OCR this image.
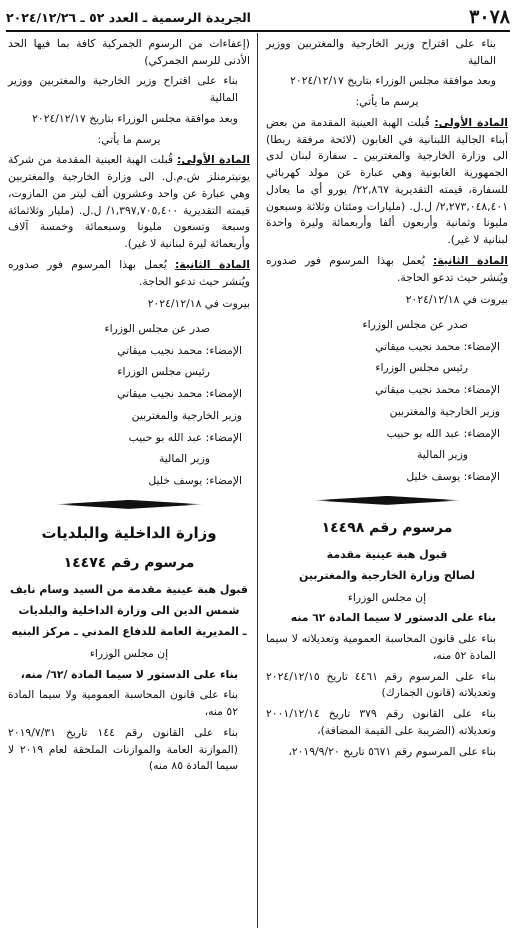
٣٠٧٨
الجريدة الرسمية ـ العدد ٥٢ ـ ٢٠٢٤/١٢/٢٦

بناء على اقتراح وزير الخارجية والمغتربين ووزير المالية

وبعد موافقة مجلس الوزراء بتاريخ ٢٠٢٤/١٢/١٧

يرسم ما يأتي:

المادة الأولى: قُبلت الهبة العينية المقدمة من بعض أبناء الجالية اللبنانية في الغابون (لائحة مرفقة ربطا) الى وزارة الخارجية والمغتربين ـ سفارة لبنان لدى الجمهورية الغابونية وهي عبارة عن مولد كهربائي للسفارة، قيمته التقديرية ٢٢,٨٦٧/ يورو أي ما يعادل ٢,٢٧٣,٠٤٨,٤٠١/ ل.ل. (مليارات ومئتان وثلاثة وسبعون مليونا وثمانية وأربعون ألفا وأربعمائة وليرة واحدة لبنانية لا غير).

المادة الثانية: يُعمل بهذا المرسوم فور صدوره ويُنشر حيث تدعو الحاجة.

بيروت في ٢٠٢٤/١٢/١٨

صدر عن مجلس الوزراء

الإمضاء: محمد نجيب ميقاتي

رئيس مجلس الوزراء

الإمضاء: محمد نجيب ميقاتي

وزير الخارجية والمغتربين

الإمضاء: عبد الله بو حبيب

وزير المالية

الإمضاء: يوسف خليل

مرسوم رقم ١٤٤٩٨

قبول هبة عينية مقدمة

لصالح وزارة الخارجية والمغتربين

إن مجلس الوزراء

بناء على الدستور لا سيما المادة ٦٢ منه

بناء على قانون المحاسبة العمومية وتعديلاته لا سيما المادة ٥٢ منه،

بناء على المرسوم رقم ٤٤٦١ تاريخ ٢٠٢٤/١٢/١٥ وتعديلاته (قانون الجمارك)

بناء على القانون رقم ٣٧٩ تاريخ ٢٠٠١/١٢/١٤ وتعديلاته (الضريبة على القيمة المضافة)،

بناء على المرسوم رقم ٥٦٧١ تاريخ ٢٠١٩/٩/٢٠،

(إعفاءات من الرسوم الجمركية كافة بما فيها الحد الأدنى للرسم الجمركي)

بناء على اقتراح وزير الخارجية والمغتربين ووزير المالية

وبعد موافقة مجلس الوزراء بتاريخ ٢٠٢٤/١٢/١٧

يرسم ما يأتي:

المادة الأولى: قُبلت الهبة العينية المقدمة من شركة يونيترمنلز ش.م.ل. الى وزارة الخارجية والمغتربين وهي عبارة عن واحد وعشرون ألف ليتر من المازوت، قيمته التقديرية ١,٣٩٧,٧٠٥,٤٠٠/ ل.ل. (مليار وثلاثمائة وسبعة وتسعون مليونا وسبعمائة وخمسة آلاف وأربعمائة ليرة لبنانية لا غير).

المادة الثانية: يُعمل بهذا المرسوم فور صدوره ويُنشر حيث تدعو الحاجة.

بيروت في ٢٠٢٤/١٢/١٨

صدر عن مجلس الوزراء

الإمضاء: محمد نجيب ميقاتي

رئيس مجلس الوزراء

الإمضاء: محمد نجيب ميقاتي

وزير الخارجية والمغتربين

الإمضاء: عبد الله بو حبيب

وزير المالية

الإمضاء: يوسف خليل

وزارة الداخلية والبلديات

مرسوم رقم ١٤٤٧٤

قبول هبة عينية مقدمة من السيد وسام نايف

شمس الدين الى وزارة الداخلية والبلديات

ـ المديرية العامة للدفاع المدني ـ مركز البنيه

إن مجلس الوزراء

بناء على الدستور لا سيما المادة /٦٢/ منه،

بناء على قانون المحاسبة العمومية ولا سيما المادة ٥٢ منه،

بناء على القانون رقم ١٤٤ تاريخ ٢٠١٩/٧/٣١ (الموازنة العامة والموازنات الملحقة لعام ٢٠١٩ لا سيما المادة ٨٥ منه)
